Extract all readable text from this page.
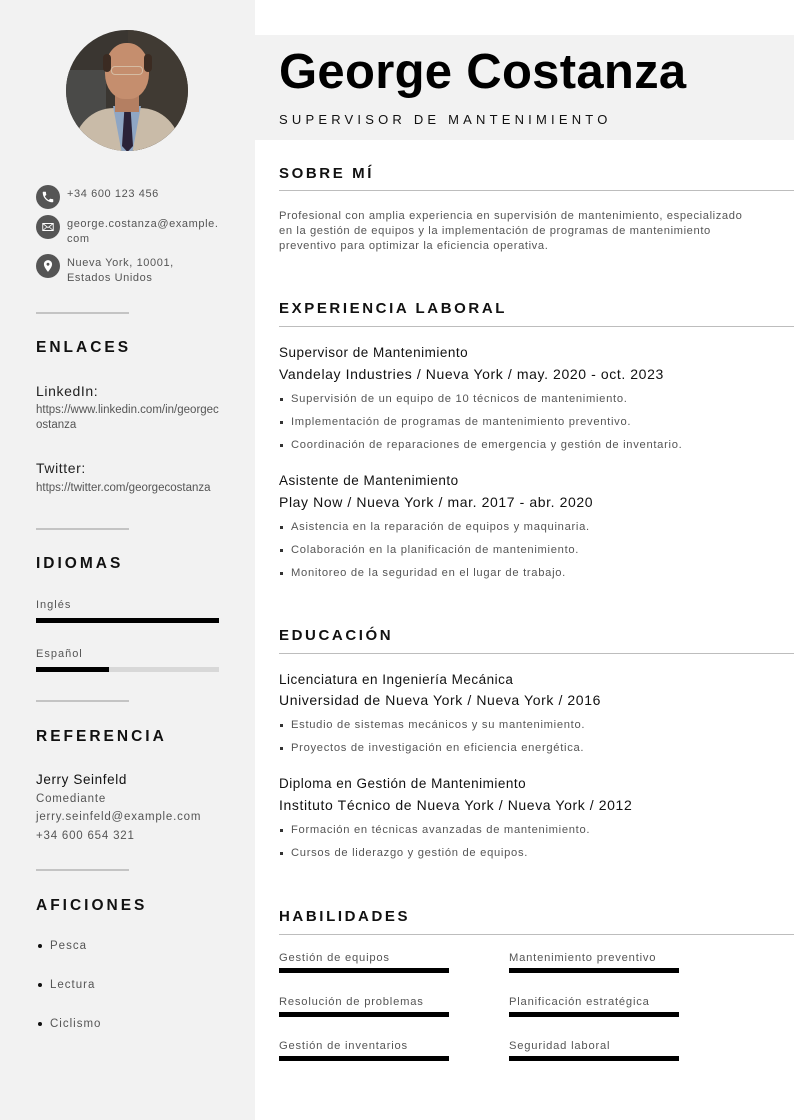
+34 600 123 456
george.costanza@example.com
Nueva York, 10001, Estados Unidos
ENLACES
LinkedIn:
https://www.linkedin.com/in/georgecostanza
Twitter:
https://twitter.com/georgecostanza
IDIOMAS
Inglés
Español
REFERENCIA
Jerry Seinfeld
Comediante
jerry.seinfeld@example.com
+34 600 654 321
AFICIONES
Pesca
Lectura
Ciclismo
George Costanza
SUPERVISOR DE MANTENIMIENTO
SOBRE MÍ

Profesional con amplia experiencia en supervisión de mantenimiento, especializado en la gestión de equipos y la implementación de programas de mantenimiento preventivo para optimizar la eficiencia operativa.

EXPERIENCIA LABORAL
Supervisor de Mantenimiento
Vandelay Industries / Nueva York / may. 2020 - oct. 2023
Supervisión de un equipo de 10 técnicos de mantenimiento.
Implementación de programas de mantenimiento preventivo.
Coordinación de reparaciones de emergencia y gestión de inventario.
Asistente de Mantenimiento
Play Now / Nueva York / mar. 2017 - abr. 2020
Asistencia en la reparación de equipos y maquinaria.
Colaboración en la planificación de mantenimiento.
Monitoreo de la seguridad en el lugar de trabajo.
EDUCACIÓN
Licenciatura en Ingeniería Mecánica
Universidad de Nueva York / Nueva York / 2016
Estudio de sistemas mecánicos y su mantenimiento.
Proyectos de investigación en eficiencia energética.
Diploma en Gestión de Mantenimiento
Instituto Técnico de Nueva York / Nueva York / 2012
Formación en técnicas avanzadas de mantenimiento.
Cursos de liderazgo y gestión de equipos.
HABILIDADES
Gestión de equipos	Mantenimiento preventivo
Resolución de problemas	Planificación estratégica
Gestión de inventarios	Seguridad laboral
